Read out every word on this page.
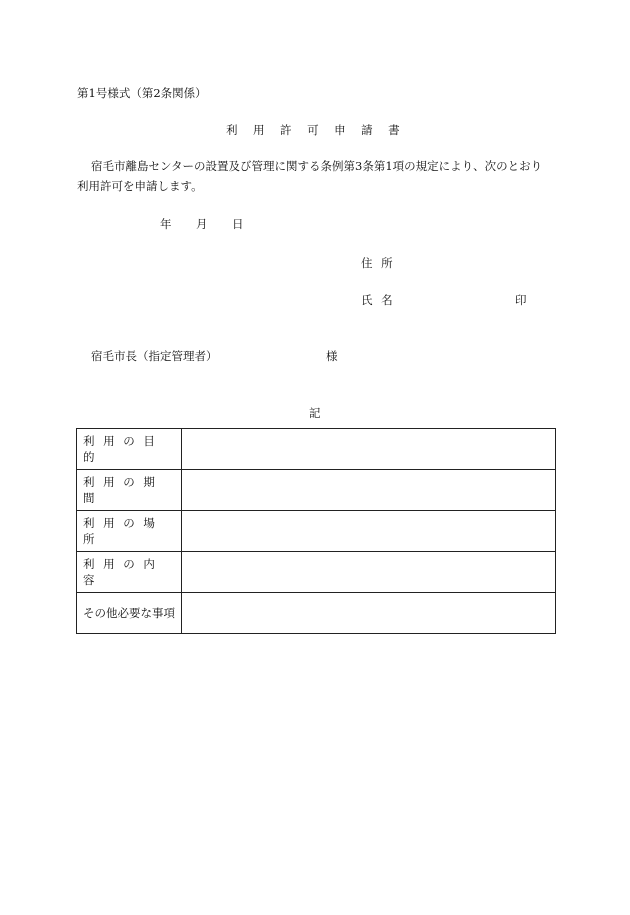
第1号様式（第2条関係）
利用許可申請書
宿毛市離島センターの設置及び管理に関する条例第3条第1項の規定により、次のとおり
利用許可を申請します。
年 月 日
住所
氏名	印
宿毛市長（指定管理者）	様
記
利用の目的	
利用の期間	
利用の場所	
利用の内容	
その他必要な事項	
